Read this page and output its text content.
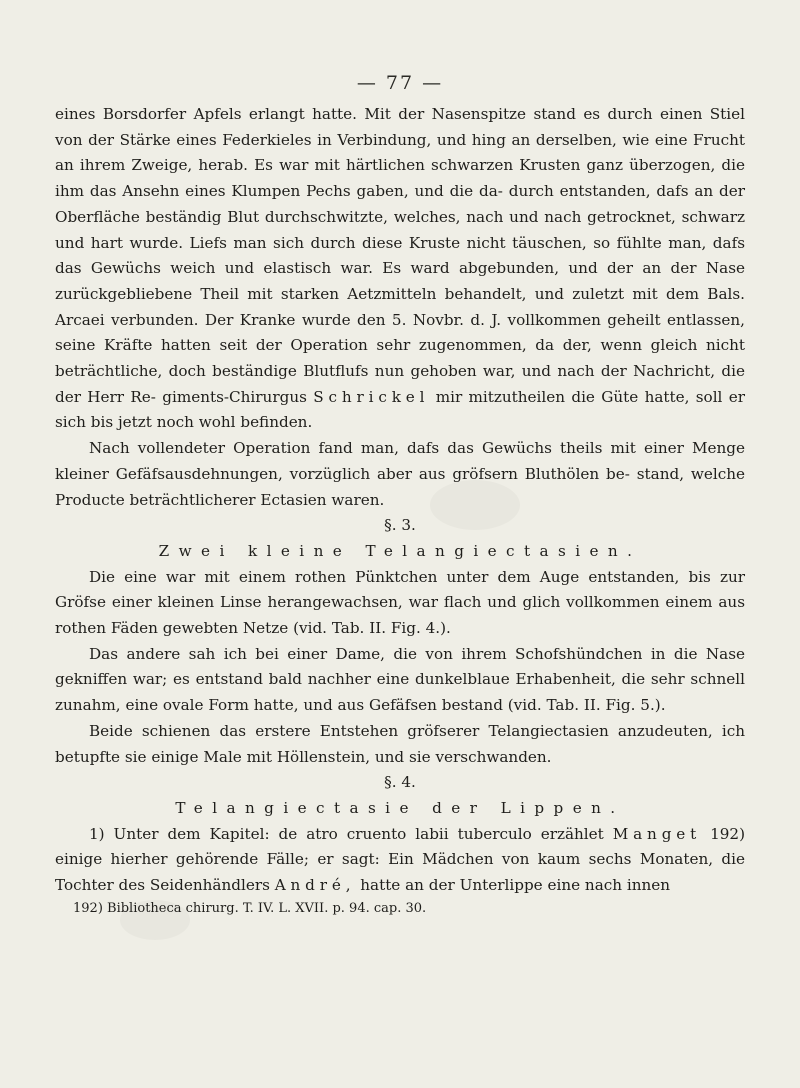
— 77 —

eines Borsdorfer Apfels erlangt hatte. Mit der Nasenspitze stand es durch einen Stiel von der Stärke eines Federkieles in Verbindung, und hing an derselben, wie eine Frucht an ihrem Zweige, herab. Es war mit härtlichen schwarzen Krusten ganz überzogen, die ihm das Ansehn eines Klumpen Pechs gaben, und die da- durch entstanden, dafs an der Oberfläche beständig Blut durchschwitzte, welches, nach und nach getrocknet, schwarz und hart wurde. Liefs man sich durch diese Kruste nicht täuschen, so fühlte man, dafs das Gewüchs weich und elastisch war. Es ward abgebunden, und der an der Nase zurückgebliebene Theil mit starken Aetzmitteln behandelt, und zuletzt mit dem Bals. Arcaei verbunden. Der Kranke wurde den 5. Novbr. d. J. vollkommen geheilt entlassen, seine Kräfte hatten seit der Operation sehr zugenommen, da der, wenn gleich nicht beträchtliche, doch beständige Blutflufs nun gehoben war, und nach der Nachricht, die der Herr Re- giments-Chirurgus Schrickel mir mitzutheilen die Güte hatte, soll er sich bis jetzt noch wohl befinden.

Nach vollendeter Operation fand man, dafs das Gewüchs theils mit einer Menge kleiner Gefäfsausdehnungen, vorzüglich aber aus gröfsern Bluthölen be- stand, welche Producte beträchtlicherer Ectasien waren.

§. 3.

Zwei kleine Telangiectasien.

Die eine war mit einem rothen Pünktchen unter dem Auge entstanden, bis zur Gröfse einer kleinen Linse herangewachsen, war flach und glich vollkommen einem aus rothen Fäden gewebten Netze (vid. Tab. II. Fig. 4.).

Das andere sah ich bei einer Dame, die von ihrem Schofshündchen in die Nase gekniffen war; es entstand bald nachher eine dunkelblaue Erhabenheit, die sehr schnell zunahm, eine ovale Form hatte, und aus Gefäfsen bestand (vid. Tab. II. Fig. 5.).

Beide schienen das erstere Entstehen gröfserer Telangiectasien anzudeuten, ich betupfte sie einige Male mit Höllenstein, und sie verschwanden.

§. 4.

Telangiectasie der Lippen.

1) Unter dem Kapitel: de atro cruento labii tuberculo erzählet Manget 192) einige hierher gehörende Fälle; er sagt: Ein Mädchen von kaum sechs Monaten, die Tochter des Seidenhändlers André, hatte an der Unterlippe eine nach innen

192) Bibliotheca chirurg. T. IV. L. XVII. p. 94. cap. 30.
